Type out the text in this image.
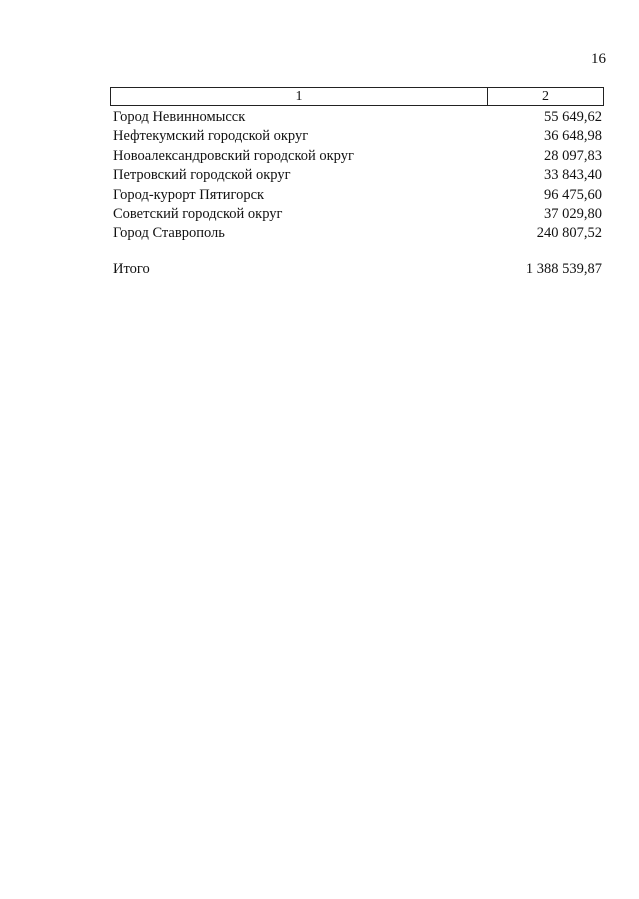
16
1	2
Город Невинномысск	55 649,62
Нефтекумский городской округ	36 648,98
Новоалександровский городской округ	28 097,83
Петровский городской округ	33 843,40
Город-курорт Пятигорск	96 475,60
Советский городской округ	37 029,80
Город Ставрополь	240 807,52
Итого	1 388 539,87
